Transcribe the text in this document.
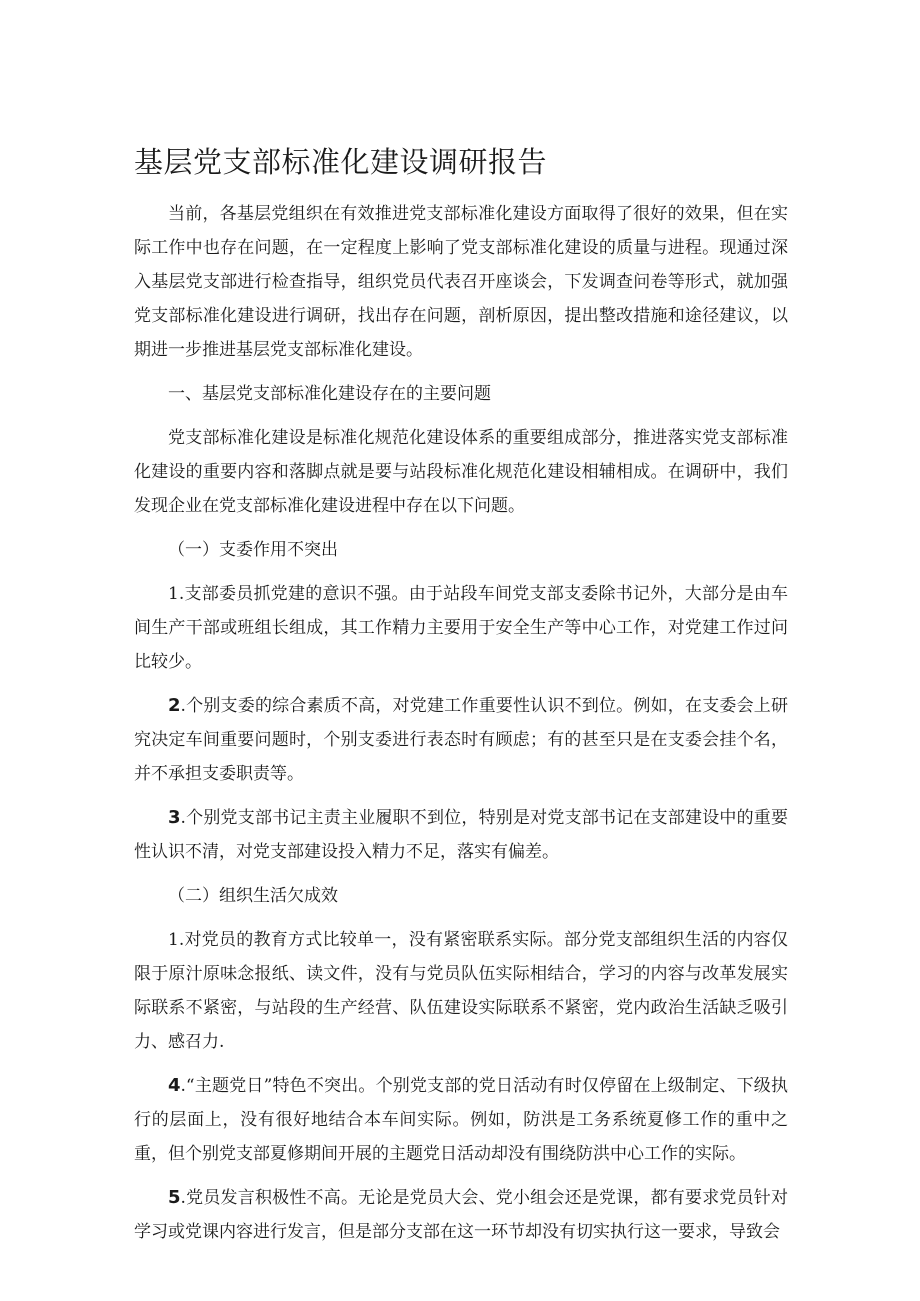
基层党支部标准化建设调研报告

当前，各基层党组织在有效推进党支部标准化建设方面取得了很好的效果，但在实际工作中也存在问题，在一定程度上影响了党支部标准化建设的质量与进程。现通过深入基层党支部进行检查指导，组织党员代表召开座谈会，下发调查问卷等形式，就加强党支部标准化建设进行调研，找出存在问题，剖析原因，提出整改措施和途径建议，以期进一步推进基层党支部标准化建设。

一、基层党支部标准化建设存在的主要问题

党支部标准化建设是标准化规范化建设体系的重要组成部分，推进落实党支部标准化建设的重要内容和落脚点就是要与站段标准化规范化建设相辅相成。在调研中，我们发现企业在党支部标准化建设进程中存在以下问题。

（一）支委作用不突出

1.支部委员抓党建的意识不强。由于站段车间党支部支委除书记外，大部分是由车间生产干部或班组长组成，其工作精力主要用于安全生产等中心工作，对党建工作过问比较少。

2.个别支委的综合素质不高，对党建工作重要性认识不到位。例如，在支委会上研究决定车间重要问题时，个别支委进行表态时有顾虑；有的甚至只是在支委会挂个名，并不承担支委职责等。

3.个别党支部书记主责主业履职不到位，特别是对党支部书记在支部建设中的重要性认识不清，对党支部建设投入精力不足，落实有偏差。

（二）组织生活欠成效

1.对党员的教育方式比较单一，没有紧密联系实际。部分党支部组织生活的内容仅限于原汁原味念报纸、读文件，没有与党员队伍实际相结合，学习的内容与改革发展实际联系不紧密，与站段的生产经营、队伍建设实际联系不紧密，党内政治生活缺乏吸引力、感召力.

4.“主题党日”特色不突出。个别党支部的党日活动有时仅停留在上级制定、下级执行的层面上，没有很好地结合本车间实际。例如，防洪是工务系统夏修工作的重中之重，但个别党支部夏修期间开展的主题党日活动却没有围绕防洪中心工作的实际。

5.党员发言积极性不高。无论是党员大会、党小组会还是党课，都有要求党员针对学习或党课内容进行发言，但是部分支部在这一环节却没有切实执行这一要求，导致会
